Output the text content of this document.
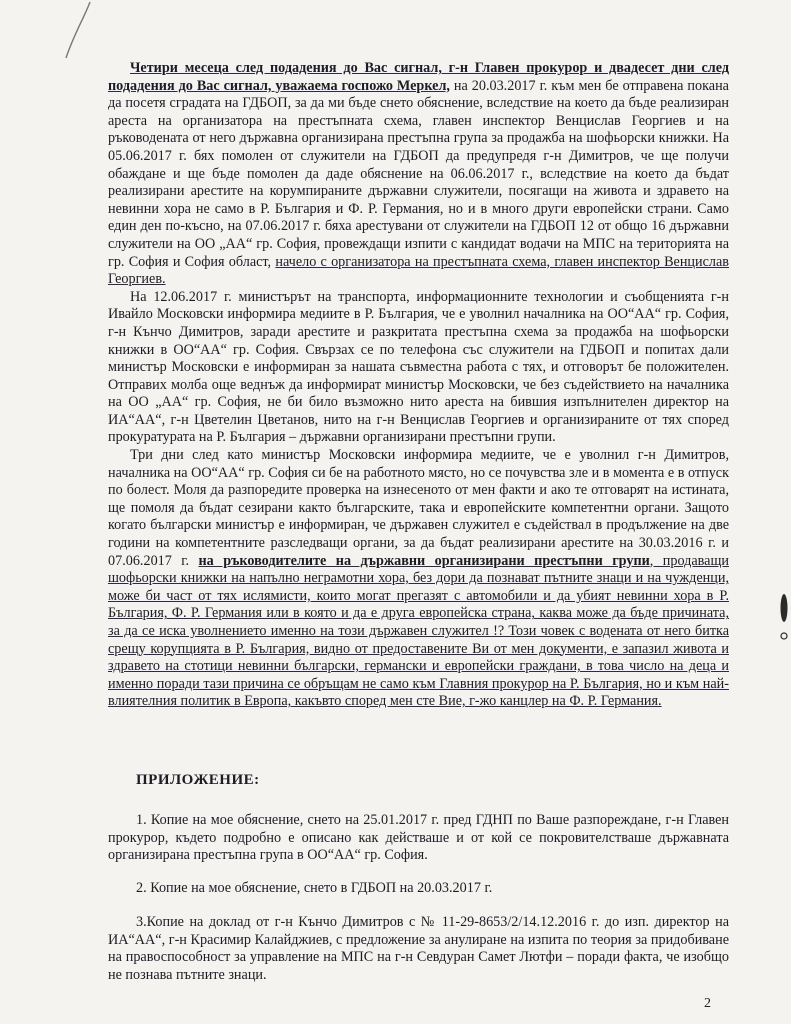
Четири месеца след подадения до Вас сигнал, г-н Главен прокурор и двадесет дни след подадения до Вас сигнал, уважаема госпожо Меркел, на 20.03.2017 г. към мен бе отправена покана да посетя сградата на ГДБОП, за да ми бъде снето обяснение, вследствие на което да бъде реализиран ареста на организатора на престъпната схема, главен инспектор Венцислав Георгиев и на ръководената от него държавна организирана престъпна група за продажба на шофьорски книжки. На 05.06.2017 г. бях помолен от служители на ГДБОП да предупредя г-н Димитров, че ще получи обаждане и ще бъде помолен да даде обяснение на 06.06.2017 г., вследствие на което да бъдат реализирани арестите на корумпираните държавни служители, посягащи на живота и здравето на невинни хора не само в Р. България и Ф. Р. Германия, но и в много други европейски страни. Само един ден по-късно, на 07.06.2017 г. бяха арестувани от служители на ГДБОП 12 от общо 16 държавни служители на ОО „АА“ гр. София, провеждащи изпити с кандидат водачи на МПС на територията на гр. София и София област, начело с организатора на престъпната схема, главен инспектор Венцислав Георгиев.

На 12.06.2017 г. министърът на транспорта, информационните технологии и съобщенията г-н Ивайло Московски информира медиите в Р. България, че е уволнил началника на ОО“АА“ гр. София, г-н Кънчо Димитров, заради арестите и разкритата престъпна схема за продажба на шофьорски книжки в ОО“АА“ гр. София. Свързах се по телефона със служители на ГДБОП и попитах дали министър Московски е информиран за нашата съвместна работа с тях, и отговорът бе положителен. Отправих молба още веднъж да информират министър Московски, че без съдействието на началника на ОО „АА“ гр. София, не би било възможно нито ареста на бившия изпълнителен директор на ИА“АА“, г-н Цветелин Цветанов, нито на г-н Венцислав Георгиев и организираните от тях според прокуратурата на Р. България – държавни организирани престъпни групи.

Три дни след като министър Московски информира медиите, че е уволнил г-н Димитров, началника на ОО“АА“ гр. София си бе на работното място, но се почувства зле и в момента е в отпуск по болест. Моля да разпоредите проверка на изнесеното от мен факти и ако те отговарят на истината, ще помоля да бъдат сезирани както българските, така и европейските компетентни органи. Защото когато български министър е информиран, че държавен служител е съдействал в продължение на две години на компетентните разследващи органи, за да бъдат реализирани арестите на 30.03.2016 г. и 07.06.2017 г. на ръководителите на държавни организирани престъпни групи, продаващи шофьорски книжки на напълно неграмотни хора, без дори да познават пътните знаци и на чужденци, може би част от тях ислямисти, които могат прегазят с автомобили и да убият невинни хора в Р. България, Ф. Р. Германия или в която и да е друга европейска страна, каква може да бъде причината, за да се иска уволнението именно на този държавен служител !? Този човек с водената от него битка срещу корупцията в Р. България, видно от предоставените Ви от мен документи, е запазил живота и здравето на стотици невинни български, германски и европейски граждани, в това число на деца и именно поради тази причина се обръщам не само към Главния прокурор на Р. България, но и към най-влиятелния политик в Европа, какъвто според мен сте Вие, г-жо канцлер на Ф. Р. Германия.

ПРИЛОЖЕНИЕ:

1. Копие на мое обяснение, снето на 25.01.2017 г. пред ГДНП по Ваше разпореждане, г-н Главен прокурор, където подробно е описано как действаше и от кой се покровителстваше държавната организирана престъпна група в ОО“АА“ гр. София.

2. Копие на мое обяснение, снето в ГДБОП на 20.03.2017 г.

3.Копие на доклад от г-н Кънчо Димитров с № 11-29-8653/2/14.12.2016 г. до изп. директор на ИА“АА“, г-н Красимир Калайджиев, с предложение за анулиране на изпита по теория за придобиване на правоспособност за управление на МПС на г-н Севдуран Самет Лютфи – поради факта, че изобщо не познава пътните знаци.

2
